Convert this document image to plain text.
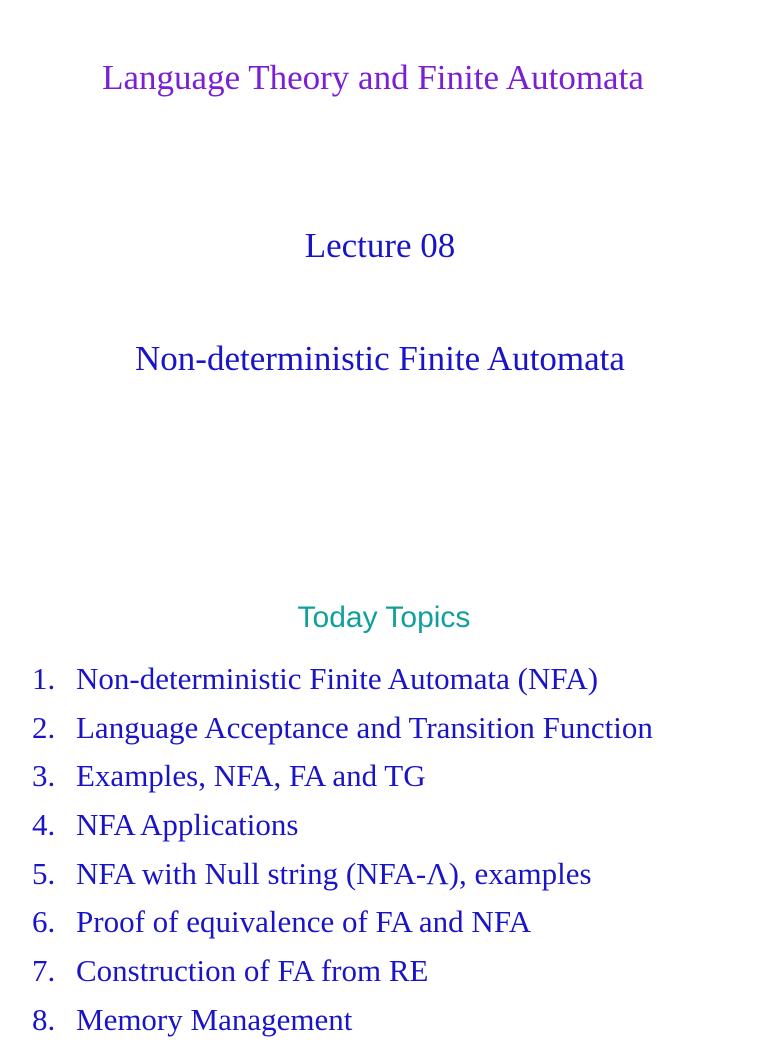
Language Theory and Finite Automata
Lecture 08
Non-deterministic Finite Automata
Today Topics
1. Non-deterministic Finite Automata (NFA)
2. Language Acceptance and Transition Function
3. Examples, NFA, FA and TG
4. NFA Applications
5. NFA with Null string (NFA-Λ), examples
6. Proof of equivalence of FA and NFA
7. Construction of FA from RE
8. Memory Management
